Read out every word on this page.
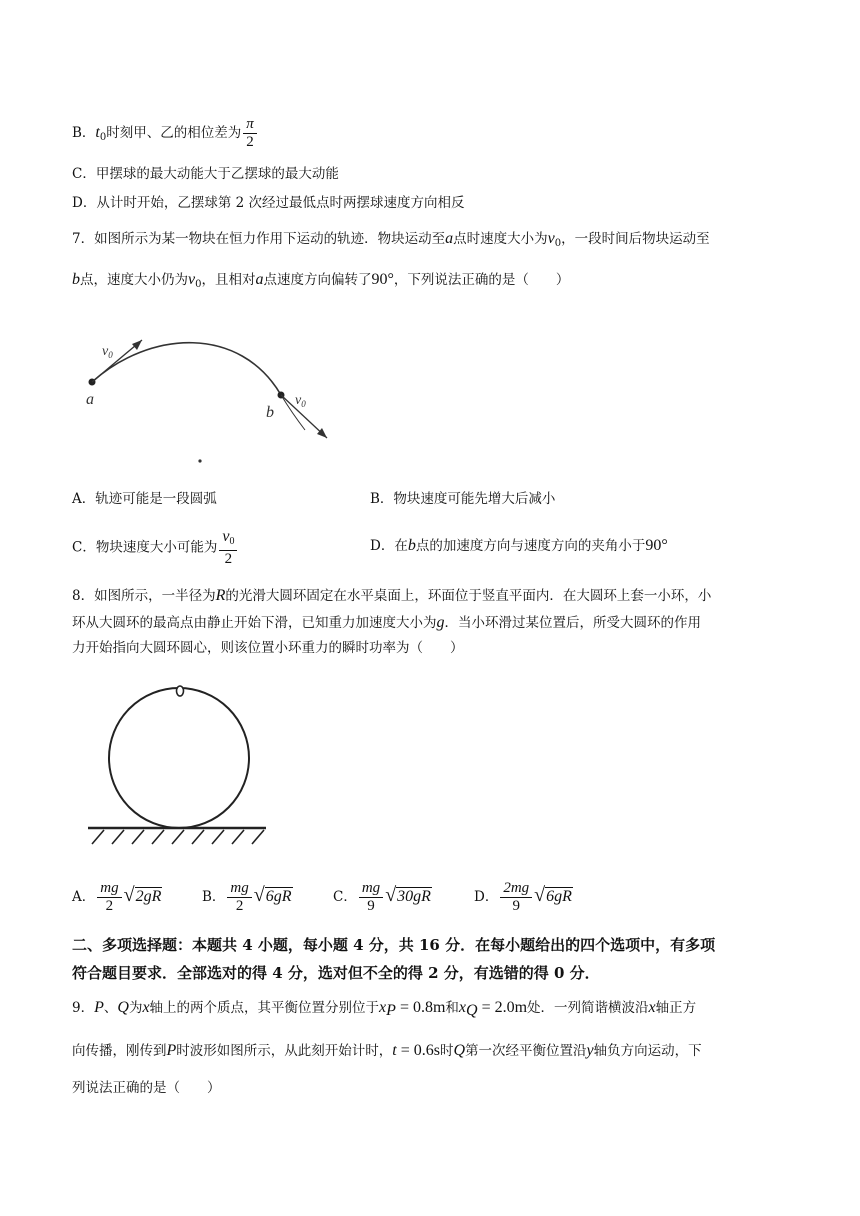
B．$t_0$时刻甲、乙的相位差为 $\frac{\pi}{2}$
C．甲摆球的最大动能大于乙摆球的最大动能
D．从计时开始，乙摆球第 2 次经过最低点时两摆球速度方向相反
7．如图所示为某一物块在恒力作用下运动的轨迹．物块运动至a点时速度大小为$v_0$，一段时间后物块运动至
b点，速度大小仍为$v_0$，且相对a点速度方向偏转了90°，下列说法正确的是（　　）
$v_0$
a
b
$v_0$
A．轨迹可能是一段圆弧	B．物块速度可能先增大后减小
C．物块速度大小可能为 $\frac{v_0}{2}$	D．在b点的加速度方向与速度方向的夹角小于90°
8．如图所示，一半径为R的光滑大圆环固定在水平桌面上，环面位于竖直平面内．在大圆环上套一小环，小
环从大圆环的最高点由静止开始下滑，已知重力加速度大小为g．当小环滑过某位置后，所受大圆环的作用
力开始指向大圆环圆心，则该位置小环重力的瞬时功率为（　　）
A． $\frac{mg}{2} √2gR$	B． $\frac{mg}{2} √6gR$	C． $\frac{mg}{9} √30gR$	D． $\frac{2mg}{9} √6gR$
二、多项选择题：本题共 4 小题，每小题 4 分，共 16 分．在每小题给出的四个选项中，有多项
符合题目要求．全部选对的得 4 分，选对但不全的得 2 分，有选错的得 0 分．
9．P、Q为x轴上的两个质点，其平衡位置分别位于$x_P = 0.8m$和$x_Q = 2.0m$处．一列简谐横波沿x轴正方
向传播，刚传到P时波形如图所示，从此刻开始计时，t = 0.6s时Q第一次经平衡位置沿y轴负方向运动，下
列说法正确的是（　　）
